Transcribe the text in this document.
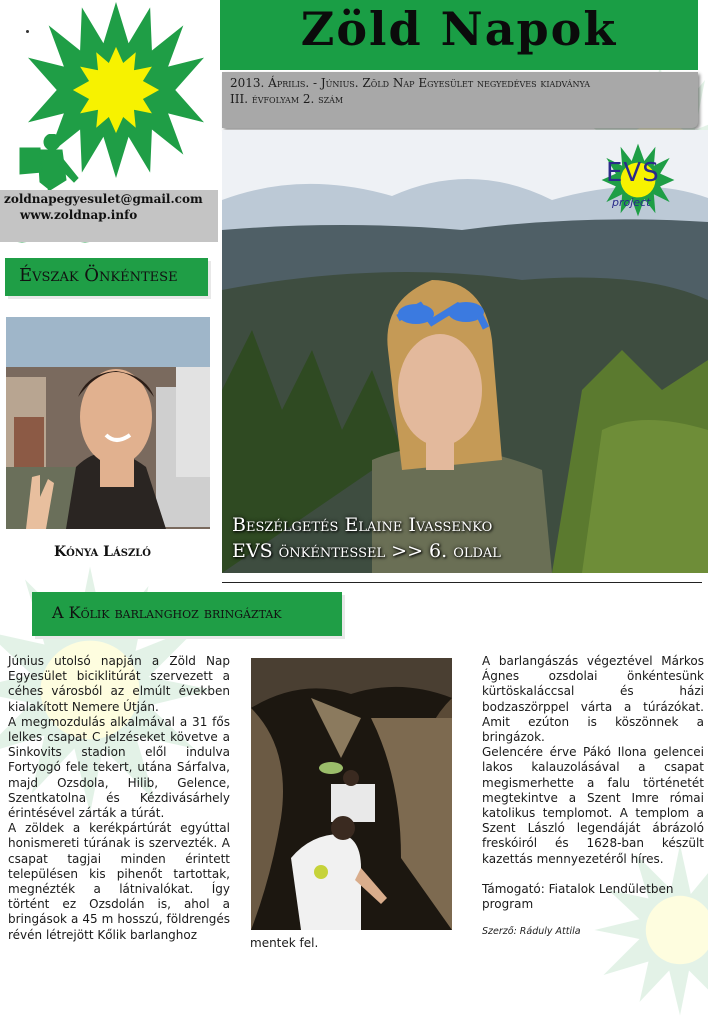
Zöld Napok
2013. Április. - Június. Zöld Nap Egyesület negyedéves kiadványa
III. évfolyam 2. szám
zoldnapegyesulet@gmail.com
www.zoldnap.info
Évszak Önkéntese
Kónya László
EVS
project
Beszélgetés Elaine Ivassenko
EVS önkéntessel >> 6. oldal
A Kőlik barlanghoz bringáztak

Június utolsó napján a Zöld Nap Egyesület biciklitúrát szervezett a céhes városból az elmúlt években kialakított Nemere Útján.

A megmozdulás alkalmával a 31 fős lelkes csapat C jelzéseket követve a Sinkovits stadion elől indulva Fortyogó fele tekert, utána Sárfalva, majd Ozsdola, Hilib, Gelence, Szentkatolna és Kézdivásárhely érintésével zárták a túrát.

A zöldek a kerékpártúrát egyúttal honismereti túrának is szervezték. A csapat tagjai minden érintett településen kis pihenőt tartottak, megnézték a látnivalókat. Így történt ez Ozsdolán is, ahol a bringások a 45 m hosszú, földrengés révén létrejött Kőlik barlanghoz

mentek fel.

A barlangászás végeztével Márkos Ágnes ozsdolai önkéntesünk kürtöskaláccsal és házi bodzaszörppel várta a túrázókat. Amit ezúton is köszönnek a bringázok.

Gelencére érve Pákó Ilona gelencei lakos kalauzolásával a csapat megismerhette a falu történetét megtekintve a Szent Imre római katolikus templomot. A templom a Szent László legendáját ábrázoló freskóiról és 1628-ban készült kazettás mennyezetéről híres.

Támogató: Fiatalok Lendületben program

Szerző: Ráduly Attila
